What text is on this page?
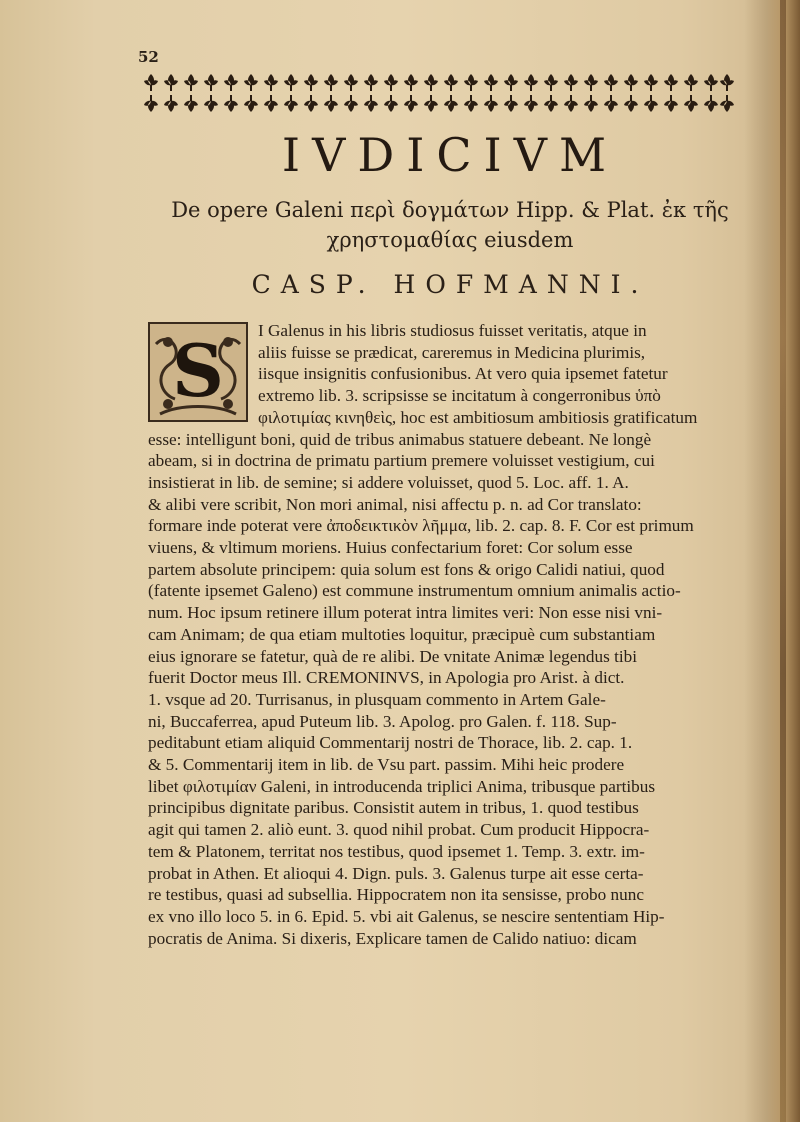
52
IVDICIVM
De opere Galeni περὶ δογμάτων Hipp. & Plat. ἐκ τῆς
χρηστομαθίας eiusdem
CASP. HOFMANNI.
S	I Galenus in his libris studiosus fuisset veritatis, atque in
aliis fuisse se prædicat, careremus in Medicina plurimis,
iisque insignitis confusionibus. At vero quia ipsemet fatetur
extremo lib. 3. scripsisse se incitatum à congerronibus ὑπὸ
φιλοτιμίας κινηθεὶς, hoc est ambitiosum ambitiosis gratificatum
esse: intelligunt boni, quid de tribus animabus statuere debeant. Ne longè
abeam, si in doctrina de primatu partium premere voluisset vestigium, cui
insistierat in lib. de semine; si addere voluisset, quod 5. Loc. aff. 1. A.
& alibi vere scribit, Non mori animal, nisi affectu p. n. ad Cor translato:
formare inde poterat vere ἀποδεικτικὸν λῆμμα, lib. 2. cap. 8. F. Cor est primum
viuens, & vltimum moriens. Huius confectarium foret: Cor solum esse
partem absolute principem: quia solum est fons & origo Calidi natiui, quod
(fatente ipsemet Galeno) est commune instrumentum omnium animalis actio-
num. Hoc ipsum retinere illum poterat intra limites veri: Non esse nisi vni-
cam Animam; de qua etiam multoties loquitur, præcipuè cum substantiam
eius ignorare se fatetur, quà de re alibi. De vnitate Animæ legendus tibi
fuerit Doctor meus Ill. CREMONINVS, in Apologia pro Arist. à dict.
1. vsque ad 20. Turrisanus, in plusquam commento in Artem Gale-
ni, Buccaferrea, apud Puteum lib. 3. Apolog. pro Galen. f. 118. Sup-
peditabunt etiam aliquid Commentarij nostri de Thorace, lib. 2. cap. 1.
& 5. Commentarij item in lib. de Vsu part. passim. Mihi heic prodere
libet φιλοτιμίαν Galeni, in introducenda triplici Anima, tribusque partibus
principibus dignitate paribus. Consistit autem in tribus, 1. quod testibus
agit qui tamen 2. aliò eunt. 3. quod nihil probat. Cum producit Hippocra-
tem & Platonem, territat nos testibus, quod ipsemet 1. Temp. 3. extr. im-
probat in Athen. Et alioqui 4. Dign. puls. 3. Galenus turpe ait esse certa-
re testibus, quasi ad subsellia. Hippocratem non ita sensisse, probo nunc
ex vno illo loco 5. in 6. Epid. 5. vbi ait Galenus, se nescire sententiam Hip-
pocratis de Anima. Si dixeris, Explicare tamen de Calido natiuo: dicam
